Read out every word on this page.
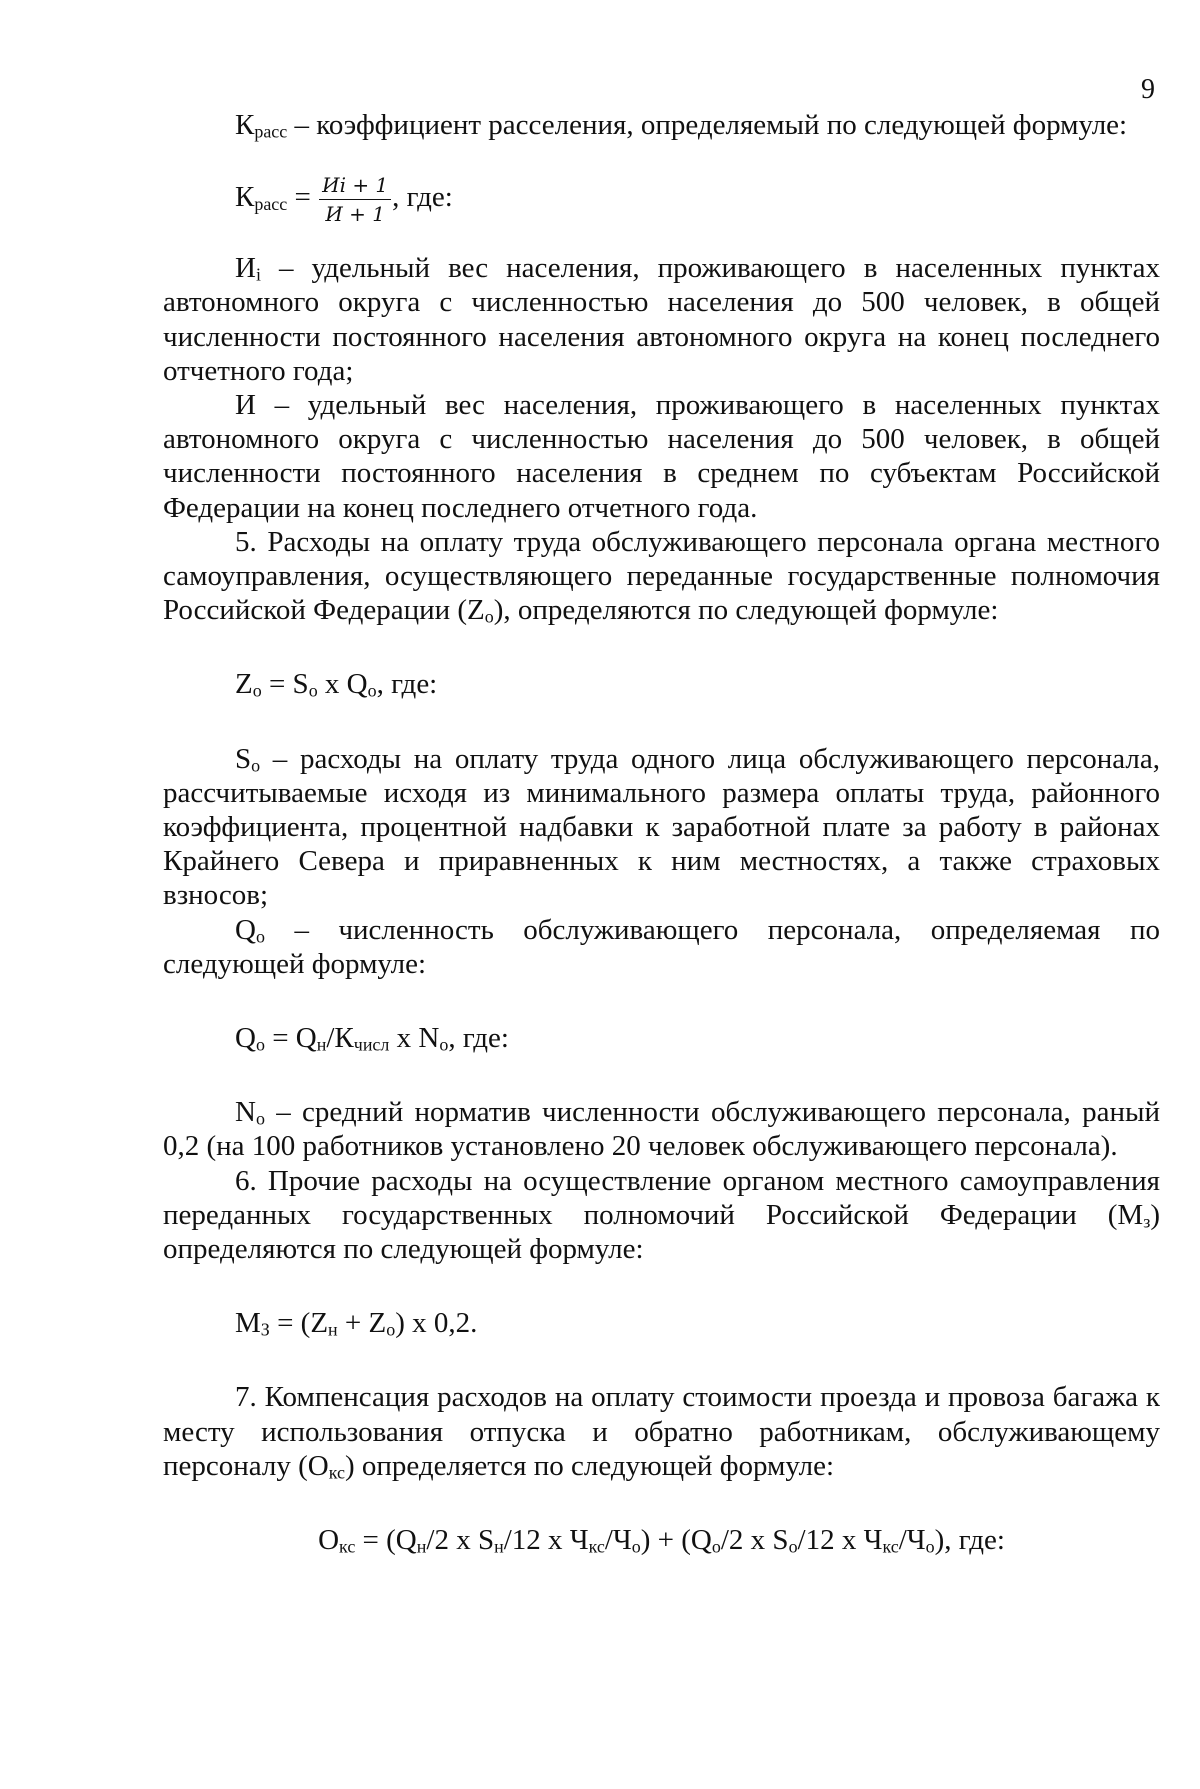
9

$К_{расс}$ – коэффициент расселения, определяемый по следующей формуле:

$К_{расс} = \frac{Иi + 1}{И + 1}$ , где:

$И_i$ – удельный вес населения, проживающего в населенных пунктах автономного округа с численностью населения до 500 человек, в общей численности постоянного населения автономного округа на конец последнего отчетного года;

И – удельный вес населения, проживающего в населенных пунктах автономного округа с численностью населения до 500 человек, в общей численности постоянного населения в среднем по субъектам Российской Федерации на конец последнего отчетного года.

5. Расходы на оплату труда обслуживающего персонала органа местного самоуправления, осуществляющего переданные государственные полномочия Российской Федерации $(Z_о)$, определяются по следующей формуле:

$Z_о = S_о$ x $Q_о$, где:

$S_о$ – расходы на оплату труда одного лица обслуживающего персонала, рассчитываемые исходя из минимального размера оплаты труда, районного коэффициента, процентной надбавки к заработной плате за работу в районах Крайнего Севера и приравненных к ним местностях, а также страховых взносов;

$Q_о$ – численность обслуживающего персонала, определяемая по следующей формуле:

$Q_о = Q_н/К_{числ}$ x $N_о$, где:

$N_о$ – средний норматив численности обслуживающего персонала, раный 0,2 (на 100 работников установлено 20 человек обслуживающего персонала).

6. Прочие расходы на осуществление органом местного самоуправления переданных государственных полномочий Российской Федерации $(М_з)$ определяются по следующей формуле:

$М_З = (Z_н + Z_о)$ x 0,2.

7. Компенсация расходов на оплату стоимости проезда и провоза багажа к месту использования отпуска и обратно работникам, обслуживающему персоналу $(О_{кс})$ определяется по следующей формуле:

$О_{кс} = (Q_н/2$ x $S_н/12$ x $Ч_{кс}/Ч_о) + (Q_о/2$ x $S_о/12$ x $Ч_{кс}/Ч_о$), где:
